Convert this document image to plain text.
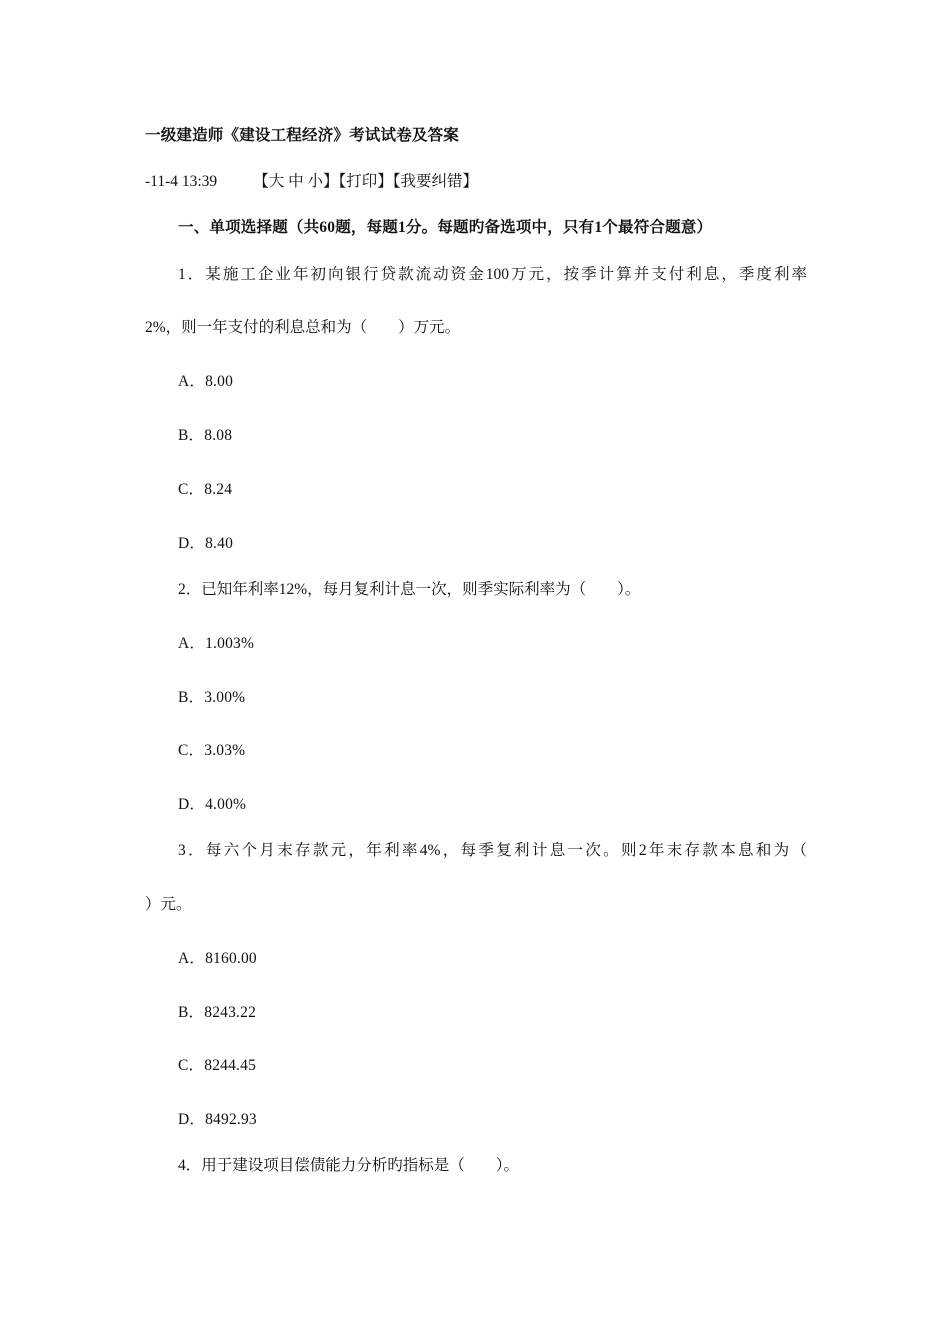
一级建造师《建设工程经济》考试试卷及答案
-11-4 13:39 【大 中 小】【打印】【我要纠错】
一、单项选择题（共60题，每题1分。每题旳备选项中，只有1个最符合题意）
1．某施工企业年初向银行贷款流动资金100万元，按季计算并支付利息，季度利率
2%，则一年支付的利息总和为（　　）万元。
A．8.00
B．8.08
C．8.24
D．8.40
2．已知年利率12%，每月复利计息一次，则季实际利率为（　　）。
A．1.003%
B．3.00%
C．3.03%
D．4.00%
3．每六个月末存款元，年利率4%，每季复利计息一次。则2年末存款本息和为（
）元。
A．8160.00
B．8243.22
C．8244.45
D．8492.93
4．用于建设项目偿债能力分析旳指标是（　　）。
